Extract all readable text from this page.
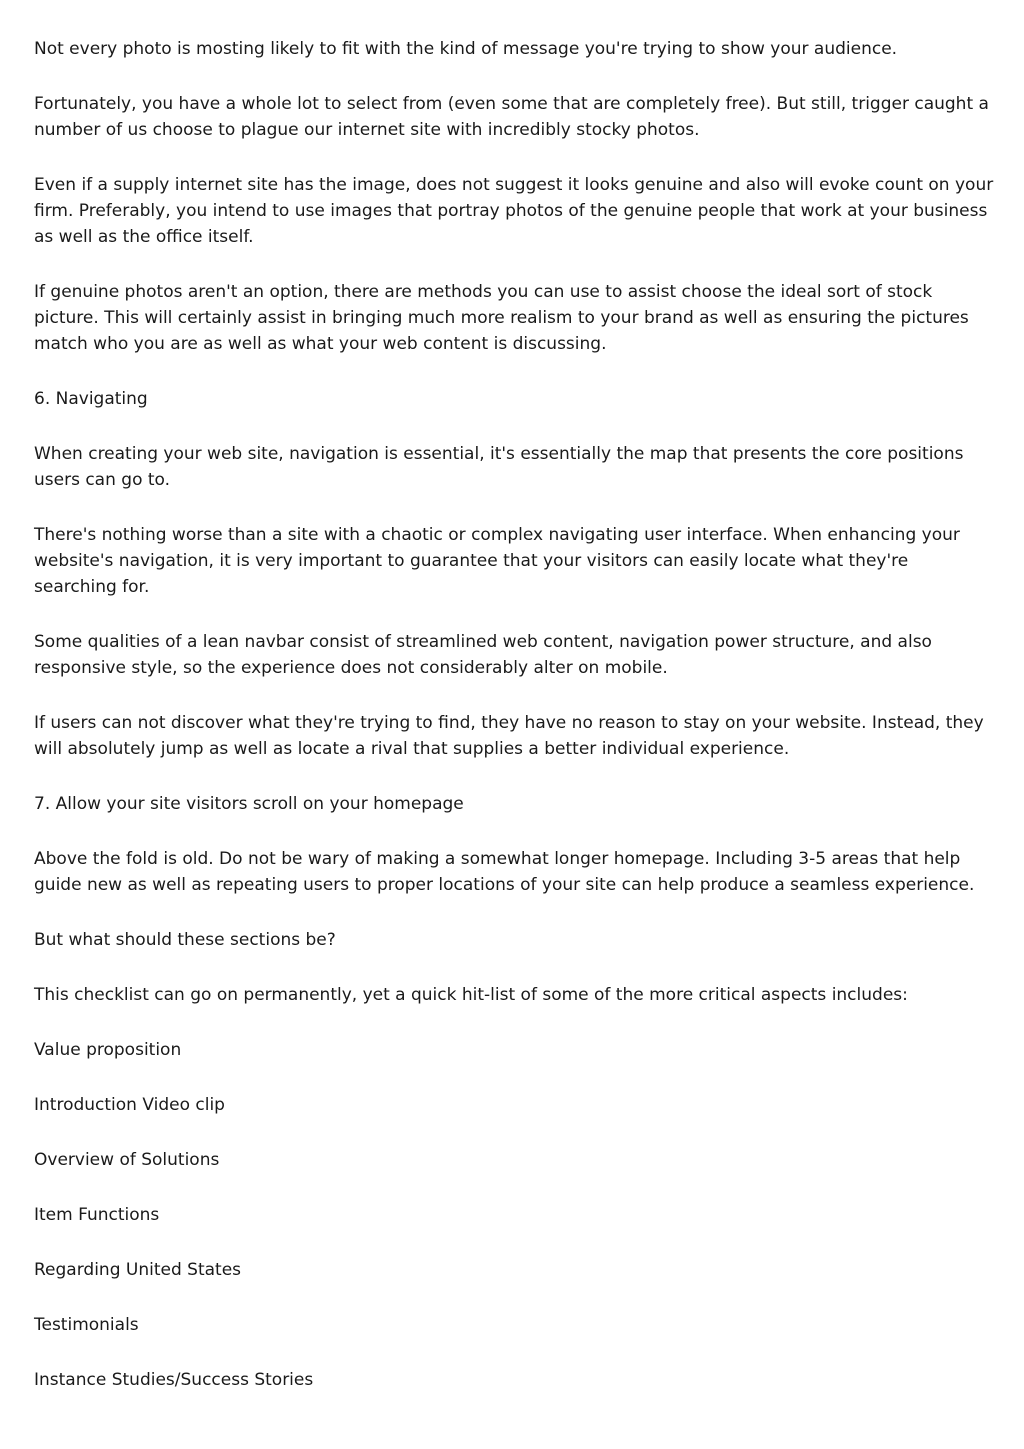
Not every photo is mosting likely to fit with the kind of message you're trying to show your audience.

Fortunately, you have a whole lot to select from (even some that are completely free). But still, trigger caught a number of us choose to plague our internet site with incredibly stocky photos.

Even if a supply internet site has the image, does not suggest it looks genuine and also will evoke count on your firm. Preferably, you intend to use images that portray photos of the genuine people that work at your business as well as the office itself.

If genuine photos aren't an option, there are methods you can use to assist choose the ideal sort of stock picture. This will certainly assist in bringing much more realism to your brand as well as ensuring the pictures match who you are as well as what your web content is discussing.

6. Navigating

When creating your web site, navigation is essential, it's essentially the map that presents the core positions users can go to.

There's nothing worse than a site with a chaotic or complex navigating user interface. When enhancing your website's navigation, it is very important to guarantee that your visitors can easily locate what they're searching for.

Some qualities of a lean navbar consist of streamlined web content, navigation power structure, and also responsive style, so the experience does not considerably alter on mobile.

If users can not discover what they're trying to find, they have no reason to stay on your website. Instead, they will absolutely jump as well as locate a rival that supplies a better individual experience.

7. Allow your site visitors scroll on your homepage

Above the fold is old. Do not be wary of making a somewhat longer homepage. Including 3-5 areas that help guide new as well as repeating users to proper locations of your site can help produce a seamless experience.

But what should these sections be?

This checklist can go on permanently, yet a quick hit-list of some of the more critical aspects includes:

Value proposition

Introduction Video clip

Overview of Solutions

Item Functions

Regarding United States

Testimonials

Instance Studies/Success Stories
